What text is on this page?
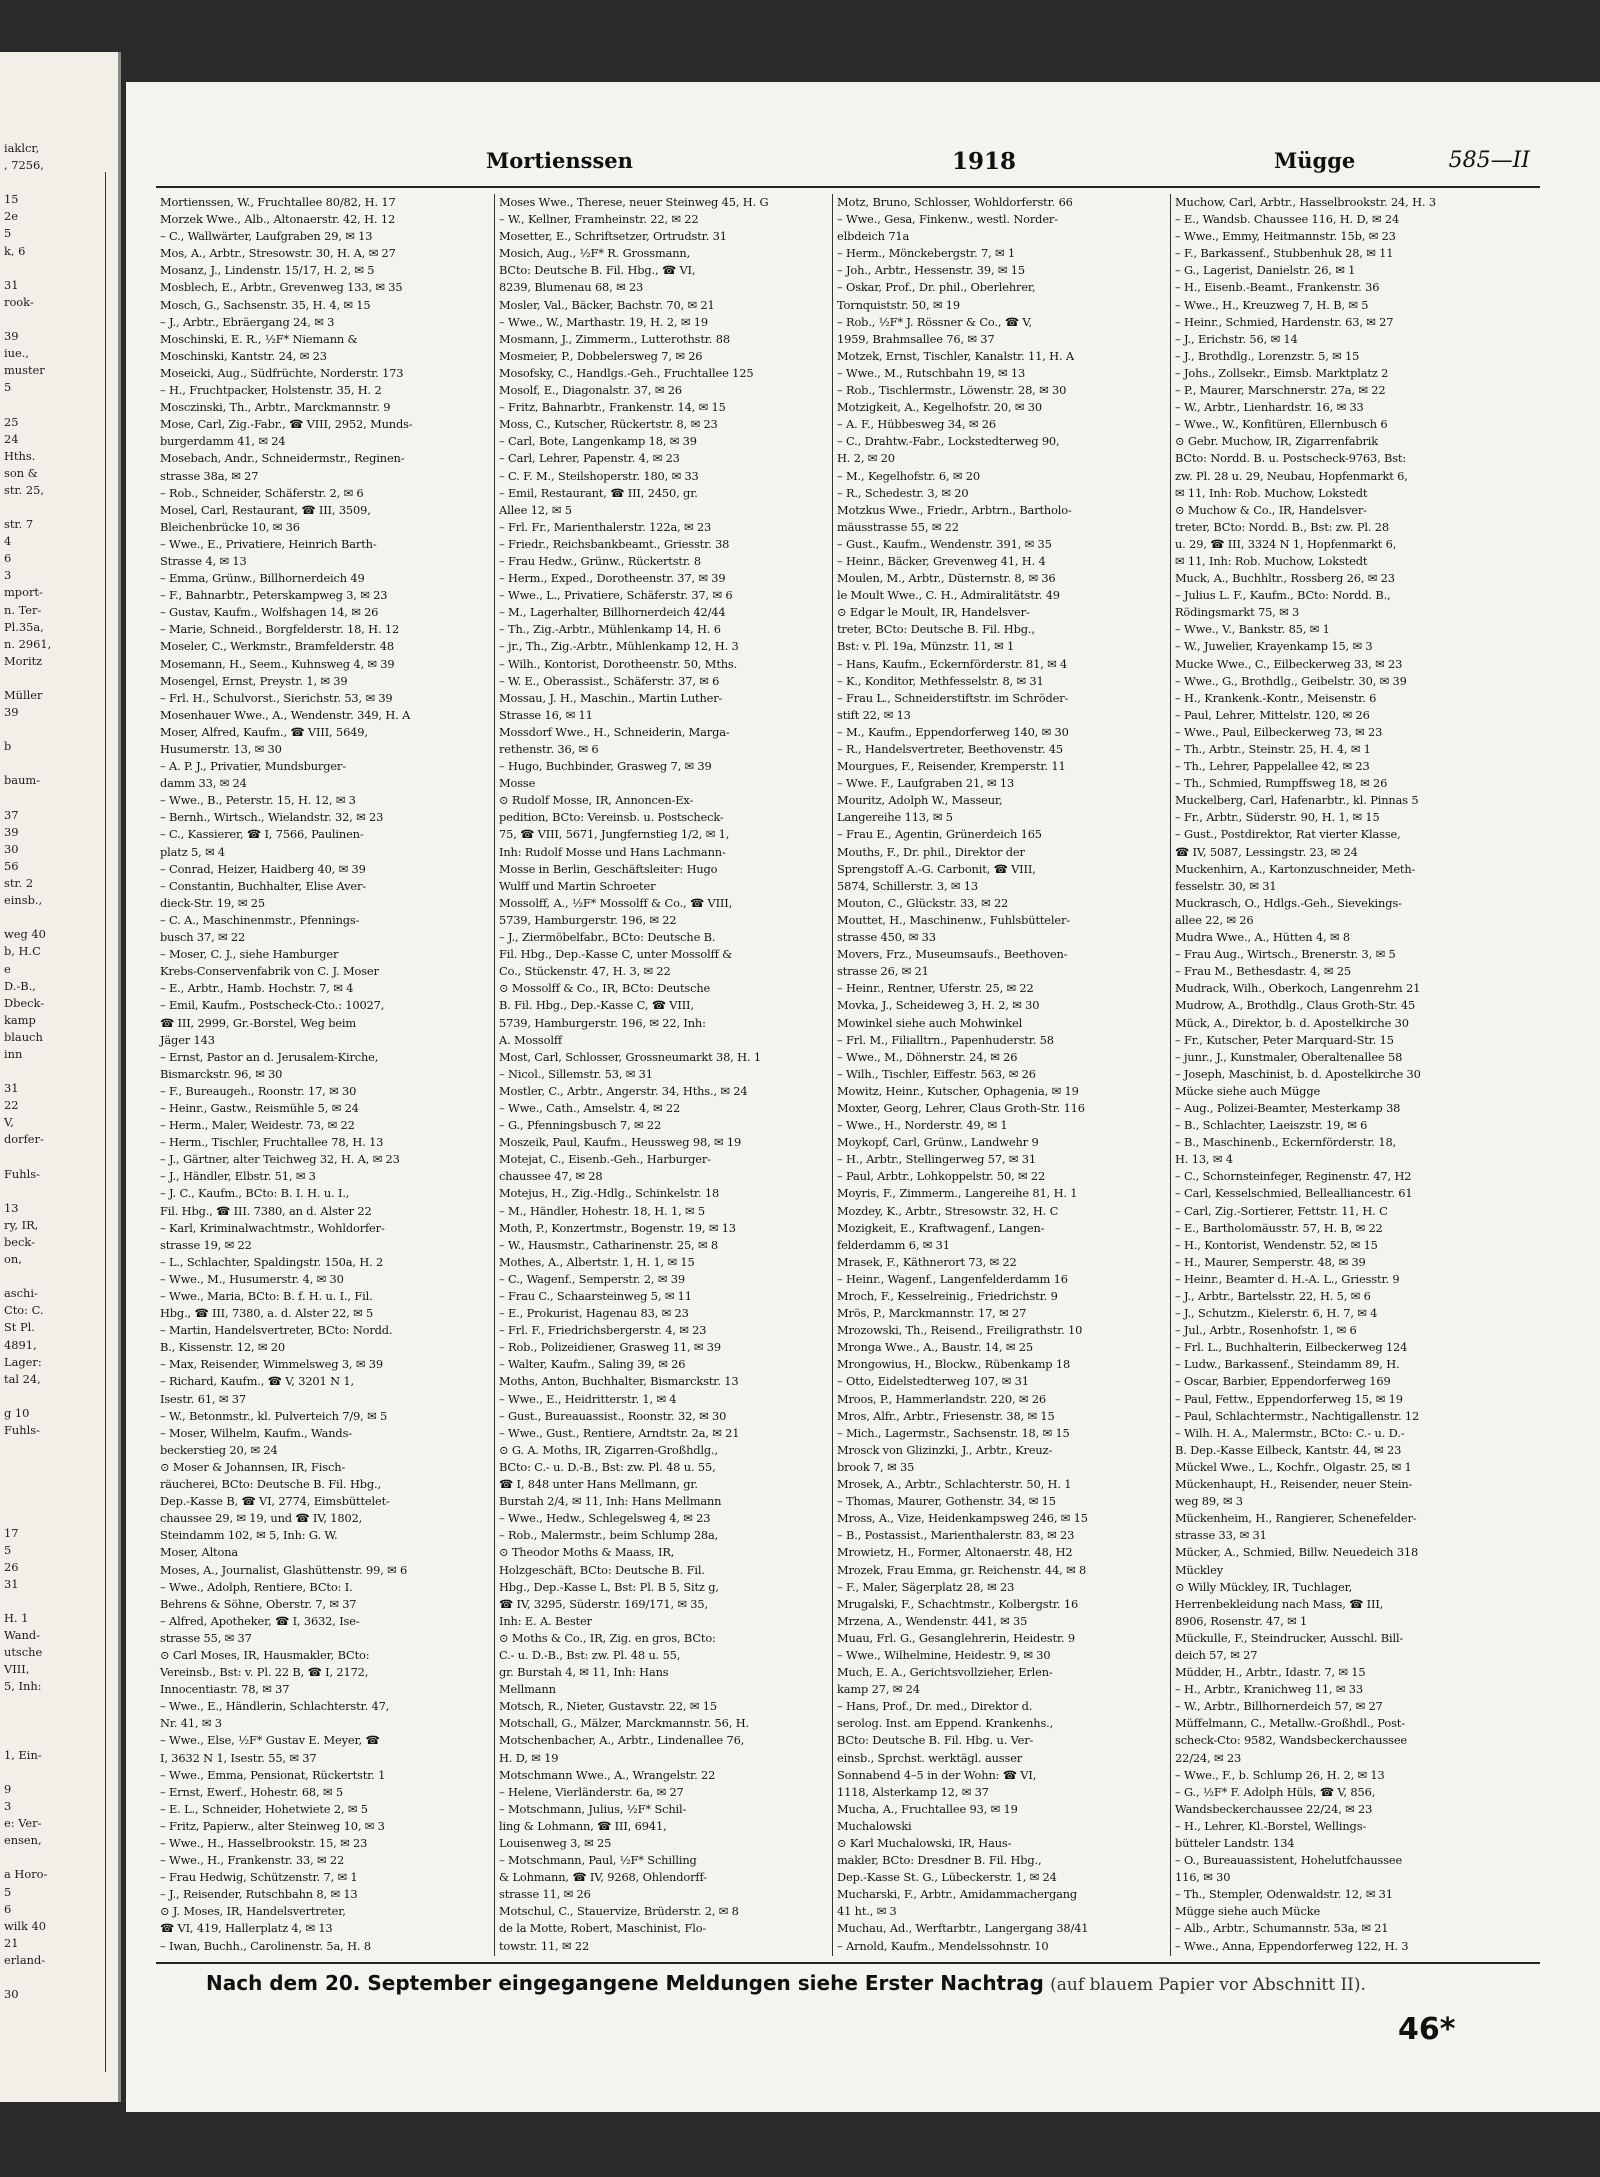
iaklcr,
, 7256,
15
2e
5
k, 6
31
rook-
39
iue.,
muster
5
25
24
Hths.
son &
str. 25,
str. 7
4
6
3
mport-
n. Ter-
Pl.35a,
n. 2961,
Moritz
Müller
39
b
baum-
37
39
30
56
str. 2
einsb.,
weg 40
b, H.C
e
D.-B.,
Dbeck-
kamp
blauch
inn
31
22
V,
dorfer-
Fuhls-
13
ry, IR,
beck-
on,
aschi-
Cto: C.
St Pl.
4891,
Lager:
tal 24,
g 10
Fuhls-
17
5
26
31
H. 1
Wand-
utsche
VIII,
5, Inh:
1, Ein-
9
3
e: Ver-
ensen,
a Horo-
5
6
wilk 40
21
erland-
30
Mortienssen	1918	Mügge	585—II
Mortienssen, W., Fruchtallee 80/82, H. 17
Morzek Wwe., Alb., Altonaerstr. 42, H. 12
– C., Wallwärter, Laufgraben 29, ✉ 13
Mos, A., Arbtr., Stresowstr. 30, H. A, ✉ 27
Mosanz, J., Lindenstr. 15/17, H. 2, ✉ 5
Mosblech, E., Arbtr., Grevenweg 133, ✉ 35
Mosch, G., Sachsenstr. 35, H. 4, ✉ 15
– J., Arbtr., Ebräergang 24, ✉ 3
Moschinski, E. R., ½F* Niemann &
Moschinski, Kantstr. 24, ✉ 23
Moseicki, Aug., Südfrüchte, Norderstr. 173
– H., Fruchtpacker, Holstenstr. 35, H. 2
Mosczinski, Th., Arbtr., Marckmannstr. 9
Mose, Carl, Zig.-Fabr., ☎ VIII, 2952, Munds-
burgerdamm 41, ✉ 24
Mosebach, Andr., Schneidermstr., Reginen-
strasse 38a, ✉ 27
– Rob., Schneider, Schäferstr. 2, ✉ 6
Mosel, Carl, Restaurant, ☎ III, 3509,
Bleichenbrücke 10, ✉ 36
– Wwe., E., Privatiere, Heinrich Barth-
Strasse 4, ✉ 13
– Emma, Grünw., Billhornerdeich 49
– F., Bahnarbtr., Peterskampweg 3, ✉ 23
– Gustav, Kaufm., Wolfshagen 14, ✉ 26
– Marie, Schneid., Borgfelderstr. 18, H. 12
Moseler, C., Werkmstr., Bramfelderstr. 48
Mosemann, H., Seem., Kuhnsweg 4, ✉ 39
Mosengel, Ernst, Preystr. 1, ✉ 39
– Frl. H., Schulvorst., Sierichstr. 53, ✉ 39
Mosenhauer Wwe., A., Wendenstr. 349, H. A
Moser, Alfred, Kaufm., ☎ VIII, 5649,
Husumerstr. 13, ✉ 30
– A. P. J., Privatier, Mundsburger-
damm 33, ✉ 24
– Wwe., B., Peterstr. 15, H. 12, ✉ 3
– Bernh., Wirtsch., Wielandstr. 32, ✉ 23
– C., Kassierer, ☎ I, 7566, Paulinen-
platz 5, ✉ 4
– Conrad, Heizer, Haidberg 40, ✉ 39
– Constantin, Buchhalter, Elise Aver-
dieck-Str. 19, ✉ 25
– C. A., Maschinenmstr., Pfennings-
busch 37, ✉ 22
– Moser, C. J., siehe Hamburger
Krebs-Conservenfabrik von C. J. Moser
– E., Arbtr., Hamb. Hochstr. 7, ✉ 4
– Emil, Kaufm., Postscheck-Cto.: 10027,
☎ III, 2999, Gr.-Borstel, Weg beim
Jäger 143
– Ernst, Pastor an d. Jerusalem-Kirche,
Bismarckstr. 96, ✉ 30
– F., Bureaugeh., Roonstr. 17, ✉ 30
– Heinr., Gastw., Reismühle 5, ✉ 24
– Herm., Maler, Weidestr. 73, ✉ 22
– Herm., Tischler, Fruchtallee 78, H. 13
– J., Gärtner, alter Teichweg 32, H. A, ✉ 23
– J., Händler, Elbstr. 51, ✉ 3
– J. C., Kaufm., BCto: B. I. H. u. I.,
Fil. Hbg., ☎ III. 7380, an d. Alster 22
– Karl, Kriminalwachtmstr., Wohldorfer-
strasse 19, ✉ 22
– L., Schlachter, Spaldingstr. 150a, H. 2
– Wwe., M., Husumerstr. 4, ✉ 30
– Wwe., Maria, BCto: B. f. H. u. I., Fil.
Hbg., ☎ III, 7380, a. d. Alster 22, ✉ 5
– Martin, Handelsvertreter, BCto: Nordd.
B., Kissenstr. 12, ✉ 20
– Max, Reisender, Wimmelsweg 3, ✉ 39
– Richard, Kaufm., ☎ V, 3201 N 1,
Isestr. 61, ✉ 37
– W., Betonmstr., kl. Pulverteich 7/9, ✉ 5
– Moser, Wilhelm, Kaufm., Wands-
beckerstieg 20, ✉ 24
⊙ Moser & Johannsen, IR, Fisch-
räucherei, BCto: Deutsche B. Fil. Hbg.,
Dep.-Kasse B, ☎ VI, 2774, Eimsbüttelet-
chaussee 29, ✉ 19, und ☎ IV, 1802,
Steindamm 102, ✉ 5, Inh: G. W.
Moser, Altona
Moses, A., Journalist, Glashüttenstr. 99, ✉ 6
– Wwe., Adolph, Rentiere, BCto: I.
Behrens & Söhne, Oberstr. 7, ✉ 37
– Alfred, Apotheker, ☎ I, 3632, Ise-
strasse 55, ✉ 37
⊙ Carl Moses, IR, Hausmakler, BCto:
Vereinsb., Bst: v. Pl. 22 B, ☎ I, 2172,
Innocentiastr. 78, ✉ 37
– Wwe., E., Händlerin, Schlachterstr. 47,
Nr. 41, ✉ 3
– Wwe., Else, ½F* Gustav E. Meyer, ☎
I, 3632 N 1, Isestr. 55, ✉ 37
– Wwe., Emma, Pensionat, Rückertstr. 1
– Ernst, Ewerf., Hohestr. 68, ✉ 5
– E. L., Schneider, Hohetwiete 2, ✉ 5
– Fritz, Papierw., alter Steinweg 10, ✉ 3
– Wwe., H., Hasselbrookstr. 15, ✉ 23
– Wwe., H., Frankenstr. 33, ✉ 22
– Frau Hedwig, Schützenstr. 7, ✉ 1
– J., Reisender, Rutschbahn 8, ✉ 13
⊙ J. Moses, IR, Handelsvertreter,
☎ VI, 419, Hallerplatz 4, ✉ 13
– Iwan, Buchh., Carolinenstr. 5a, H. 8
Moses Wwe., Therese, neuer Steinweg 45, H. G
– W., Kellner, Framheinstr. 22, ✉ 22
Mosetter, E., Schriftsetzer, Ortrudstr. 31
Mosich, Aug., ½F* R. Grossmann,
BCto: Deutsche B. Fil. Hbg., ☎ VI,
8239, Blumenau 68, ✉ 23
Mosler, Val., Bäcker, Bachstr. 70, ✉ 21
– Wwe., W., Marthastr. 19, H. 2, ✉ 19
Mosmann, J., Zimmerm., Lutterothstr. 88
Mosmeier, P., Dobbelersweg 7, ✉ 26
Mosofsky, C., Handlgs.-Geh., Fruchtallee 125
Mosolf, E., Diagonalstr. 37, ✉ 26
– Fritz, Bahnarbtr., Frankenstr. 14, ✉ 15
Moss, C., Kutscher, Rückertstr. 8, ✉ 23
– Carl, Bote, Langenkamp 18, ✉ 39
– Carl, Lehrer, Papenstr. 4, ✉ 23
– C. F. M., Steilshoperstr. 180, ✉ 33
– Emil, Restaurant, ☎ III, 2450, gr.
Allee 12, ✉ 5
– Frl. Fr., Marienthalerstr. 122a, ✉ 23
– Friedr., Reichsbankbeamt., Griesstr. 38
– Frau Hedw., Grünw., Rückertstr. 8
– Herm., Exped., Dorotheenstr. 37, ✉ 39
– Wwe., L., Privatiere, Schäferstr. 37, ✉ 6
– M., Lagerhalter, Billhornerdeich 42/44
– Th., Zig.-Arbtr., Mühlenkamp 14, H. 6
– jr., Th., Zig.-Arbtr., Mühlenkamp 12, H. 3
– Wilh., Kontorist, Dorotheenstr. 50, Mths.
– W. E., Oberassist., Schäferstr. 37, ✉ 6
Mossau, J. H., Maschin., Martin Luther-
Strasse 16, ✉ 11
Mossdorf Wwe., H., Schneiderin, Marga-
rethenstr. 36, ✉ 6
– Hugo, Buchbinder, Grasweg 7, ✉ 39
Mosse
⊙ Rudolf Mosse, IR, Annoncen-Ex-
pedition, BCto: Vereinsb. u. Postscheck-
75, ☎ VIII, 5671, Jungfernstieg 1/2, ✉ 1,
Inh: Rudolf Mosse und Hans Lachmann-
Mosse in Berlin, Geschäftsleiter: Hugo
Wulff und Martin Schroeter
Mossolff, A., ½F* Mossolff & Co., ☎ VIII,
5739, Hamburgerstr. 196, ✉ 22
– J., Ziermöbelfabr., BCto: Deutsche B.
Fil. Hbg., Dep.-Kasse C, unter Mossolff &
Co., Stückenstr. 47, H. 3, ✉ 22
⊙ Mossolff & Co., IR, BCto: Deutsche
B. Fil. Hbg., Dep.-Kasse C, ☎ VIII,
5739, Hamburgerstr. 196, ✉ 22, Inh:
A. Mossolff
Most, Carl, Schlosser, Grossneumarkt 38, H. 1
– Nicol., Sillemstr. 53, ✉ 31
Mostler, C., Arbtr., Angerstr. 34, Hths., ✉ 24
– Wwe., Cath., Amselstr. 4, ✉ 22
– G., Pfenningsbusch 7, ✉ 22
Moszeik, Paul, Kaufm., Heussweg 98, ✉ 19
Motejat, C., Eisenb.-Geh., Harburger-
chaussee 47, ✉ 28
Motejus, H., Zig.-Hdlg., Schinkelstr. 18
– M., Händler, Hohestr. 18, H. 1, ✉ 5
Moth, P., Konzertmstr., Bogenstr. 19, ✉ 13
– W., Hausmstr., Catharinenstr. 25, ✉ 8
Mothes, A., Albertstr. 1, H. 1, ✉ 15
– C., Wagenf., Semperstr. 2, ✉ 39
– Frau C., Schaarsteinweg 5, ✉ 11
– E., Prokurist, Hagenau 83, ✉ 23
– Frl. F., Friedrichsbergerstr. 4, ✉ 23
– Rob., Polizeidiener, Grasweg 11, ✉ 39
– Walter, Kaufm., Saling 39, ✉ 26
Moths, Anton, Buchhalter, Bismarckstr. 13
– Wwe., E., Heidritterstr. 1, ✉ 4
– Gust., Bureauassist., Roonstr. 32, ✉ 30
– Wwe., Gust., Rentiere, Arndtstr. 2a, ✉ 21
⊙ G. A. Moths, IR, Zigarren-Großhdlg.,
BCto: C.- u. D.-B., Bst: zw. Pl. 48 u. 55,
☎ I, 848 unter Hans Mellmann, gr.
Burstah 2/4, ✉ 11, Inh: Hans Mellmann
– Wwe., Hedw., Schlegelsweg 4, ✉ 23
– Rob., Malermstr., beim Schlump 28a,
⊙ Theodor Moths & Maass, IR,
Holzgeschäft, BCto: Deutsche B. Fil.
Hbg., Dep.-Kasse L, Bst: Pl. B 5, Sitz g,
☎ IV, 3295, Süderstr. 169/171, ✉ 35,
Inh: E. A. Bester
⊙ Moths & Co., IR, Zig. en gros, BCto:
C.- u. D.-B., Bst: zw. Pl. 48 u. 55,
gr. Burstah 4, ✉ 11, Inh: Hans
Mellmann
Motsch, R., Nieter, Gustavstr. 22, ✉ 15
Motschall, G., Mälzer, Marckmannstr. 56, H.
Motschenbacher, A., Arbtr., Lindenallee 76,
H. D, ✉ 19
Motschmann Wwe., A., Wrangelstr. 22
– Helene, Vierländerstr. 6a, ✉ 27
– Motschmann, Julius, ½F* Schil-
ling & Lohmann, ☎ III, 6941,
Louisenweg 3, ✉ 25
– Motschmann, Paul, ½F* Schilling
& Lohmann, ☎ IV, 9268, Ohlendorff-
strasse 11, ✉ 26
Motschul, C., Stauervize, Brüderstr. 2, ✉ 8
de la Motte, Robert, Maschinist, Flo-
towstr. 11, ✉ 22
Motz, Bruno, Schlosser, Wohldorferstr. 66
– Wwe., Gesa, Finkenw., westl. Norder-
elbdeich 71a
– Herm., Mönckebergstr. 7, ✉ 1
– Joh., Arbtr., Hessenstr. 39, ✉ 15
– Oskar, Prof., Dr. phil., Oberlehrer,
Tornquiststr. 50, ✉ 19
– Rob., ½F* J. Rössner & Co., ☎ V,
1959, Brahmsallee 76, ✉ 37
Motzek, Ernst, Tischler, Kanalstr. 11, H. A
– Wwe., M., Rutschbahn 19, ✉ 13
– Rob., Tischlermstr., Löwenstr. 28, ✉ 30
Motzigkeit, A., Kegelhofstr. 20, ✉ 30
– A. F., Hübbesweg 34, ✉ 26
– C., Drahtw.-Fabr., Lockstedterweg 90,
H. 2, ✉ 20
– M., Kegelhofstr. 6, ✉ 20
– R., Schedestr. 3, ✉ 20
Motzkus Wwe., Friedr., Arbtrn., Bartholo-
mäusstrasse 55, ✉ 22
– Gust., Kaufm., Wendenstr. 391, ✉ 35
– Heinr., Bäcker, Grevenweg 41, H. 4
Moulen, M., Arbtr., Düsternstr. 8, ✉ 36
le Moult Wwe., C. H., Admiralitätstr. 49
⊙ Edgar le Moult, IR, Handelsver-
treter, BCto: Deutsche B. Fil. Hbg.,
Bst: v. Pl. 19a, Münzstr. 11, ✉ 1
– Hans, Kaufm., Eckernförderstr. 81, ✉ 4
– K., Konditor, Methfesselstr. 8, ✉ 31
– Frau L., Schneiderstiftstr. im Schröder-
stift 22, ✉ 13
– M., Kaufm., Eppendorferweg 140, ✉ 30
– R., Handelsvertreter, Beethovenstr. 45
Mourgues, F., Reisender, Kremperstr. 11
– Wwe. F., Laufgraben 21, ✉ 13
Mouritz, Adolph W., Masseur,
Langereihe 113, ✉ 5
– Frau E., Agentin, Grünerdeich 165
Mouths, F., Dr. phil., Direktor der
Sprengstoff A.-G. Carbonit, ☎ VIII,
5874, Schillerstr. 3, ✉ 13
Mouton, C., Glückstr. 33, ✉ 22
Mouttet, H., Maschinenw., Fuhlsbütteler-
strasse 450, ✉ 33
Movers, Frz., Museumsaufs., Beethoven-
strasse 26, ✉ 21
– Heinr., Rentner, Uferstr. 25, ✉ 22
Movka, J., Scheideweg 3, H. 2, ✉ 30
Mowinkel siehe auch Mohwinkel
– Frl. M., Filialltrn., Papenhuderstr. 58
– Wwe., M., Döhnerstr. 24, ✉ 26
– Wilh., Tischler, Eiffestr. 563, ✉ 26
Mowitz, Heinr., Kutscher, Ophagenia, ✉ 19
Moxter, Georg, Lehrer, Claus Groth-Str. 116
– Wwe., H., Norderstr. 49, ✉ 1
Moykopf, Carl, Grünw., Landwehr 9
– H., Arbtr., Stellingerweg 57, ✉ 31
– Paul, Arbtr., Lohkoppelstr. 50, ✉ 22
Moyris, F., Zimmerm., Langereihe 81, H. 1
Mozdey, K., Arbtr., Stresowstr. 32, H. C
Mozigkeit, E., Kraftwagenf., Langen-
felderdamm 6, ✉ 31
Mrasek, F., Käthnerort 73, ✉ 22
– Heinr., Wagenf., Langenfelderdamm 16
Mroch, F., Kesselreinig., Friedrichstr. 9
Mrös, P., Marckmannstr. 17, ✉ 27
Mrozowski, Th., Reisend., Freiligrathstr. 10
Mronga Wwe., A., Baustr. 14, ✉ 25
Mrongowius, H., Blockw., Rübenkamp 18
– Otto, Eidelstedterweg 107, ✉ 31
Mroos, P., Hammerlandstr. 220, ✉ 26
Mros, Alfr., Arbtr., Friesenstr. 38, ✉ 15
– Mich., Lagermstr., Sachsenstr. 18, ✉ 15
Mrosck von Glizinzki, J., Arbtr., Kreuz-
brook 7, ✉ 35
Mrosek, A., Arbtr., Schlachterstr. 50, H. 1
– Thomas, Maurer, Gothenstr. 34, ✉ 15
Mross, A., Vize, Heidenkampsweg 246, ✉ 15
– B., Postassist., Marienthalerstr. 83, ✉ 23
Mrowietz, H., Former, Altonaerstr. 48, H2
Mrozek, Frau Emma, gr. Reichenstr. 44, ✉ 8
– F., Maler, Sägerplatz 28, ✉ 23
Mrugalski, F., Schachtmstr., Kolbergstr. 16
Mrzena, A., Wendenstr. 441, ✉ 35
Muau, Frl. G., Gesanglehrerin, Heidestr. 9
– Wwe., Wilhelmine, Heidestr. 9, ✉ 30
Much, E. A., Gerichtsvollzieher, Erlen-
kamp 27, ✉ 24
– Hans, Prof., Dr. med., Direktor d.
serolog. Inst. am Eppend. Krankenhs.,
BCto: Deutsche B. Fil. Hbg. u. Ver-
einsb., Sprchst. werktägl. ausser
Sonnabend 4–5 in der Wohn: ☎ VI,
1118, Alsterkamp 12, ✉ 37
Mucha, A., Fruchtallee 93, ✉ 19
Muchalowski
⊙ Karl Muchalowski, IR, Haus-
makler, BCto: Dresdner B. Fil. Hbg.,
Dep.-Kasse St. G., Lübeckerstr. 1, ✉ 24
Mucharski, F., Arbtr., Amidammachergang
41 ht., ✉ 3
Muchau, Ad., Werftarbtr., Langergang 38/41
– Arnold, Kaufm., Mendelssohnstr. 10
Muchow, Carl, Arbtr., Hasselbrookstr. 24, H. 3
– E., Wandsb. Chaussee 116, H. D, ✉ 24
– Wwe., Emmy, Heitmannstr. 15b, ✉ 23
– F., Barkassenf., Stubbenhuk 28, ✉ 11
– G., Lagerist, Danielstr. 26, ✉ 1
– H., Eisenb.-Beamt., Frankenstr. 36
– Wwe., H., Kreuzweg 7, H. B, ✉ 5
– Heinr., Schmied, Hardenstr. 63, ✉ 27
– J., Erichstr. 56, ✉ 14
– J., Brothdlg., Lorenzstr. 5, ✉ 15
– Johs., Zollsekr., Eimsb. Marktplatz 2
– P., Maurer, Marschnerstr. 27a, ✉ 22
– W., Arbtr., Lienhardstr. 16, ✉ 33
– Wwe., W., Konfitüren, Ellernbusch 6
⊙ Gebr. Muchow, IR, Zigarrenfabrik
BCto: Nordd. B. u. Postscheck-9763, Bst:
zw. Pl. 28 u. 29, Neubau, Hopfenmarkt 6,
✉ 11, Inh: Rob. Muchow, Lokstedt
⊙ Muchow & Co., IR, Handelsver-
treter, BCto: Nordd. B., Bst: zw. Pl. 28
u. 29, ☎ III, 3324 N 1, Hopfenmarkt 6,
✉ 11, Inh: Rob. Muchow, Lokstedt
Muck, A., Buchhltr., Rossberg 26, ✉ 23
– Julius L. F., Kaufm., BCto: Nordd. B.,
Rödingsmarkt 75, ✉ 3
– Wwe., V., Bankstr. 85, ✉ 1
– W., Juwelier, Krayenkamp 15, ✉ 3
Mucke Wwe., C., Eilbeckerweg 33, ✉ 23
– Wwe., G., Brothdlg., Geibelstr. 30, ✉ 39
– H., Krankenk.-Kontr., Meisenstr. 6
– Paul, Lehrer, Mittelstr. 120, ✉ 26
– Wwe., Paul, Eilbeckerweg 73, ✉ 23
– Th., Arbtr., Steinstr. 25, H. 4, ✉ 1
– Th., Lehrer, Pappelallee 42, ✉ 23
– Th., Schmied, Rumpffsweg 18, ✉ 26
Muckelberg, Carl, Hafenarbtr., kl. Pinnas 5
– Fr., Arbtr., Süderstr. 90, H. 1, ✉ 15
– Gust., Postdirektor, Rat vierter Klasse,
☎ IV, 5087, Lessingstr. 23, ✉ 24
Muckenhirn, A., Kartonzuschneider, Meth-
fesselstr. 30, ✉ 31
Muckrasch, O., Hdlgs.-Geh., Sievekings-
allee 22, ✉ 26
Mudra Wwe., A., Hütten 4, ✉ 8
– Frau Aug., Wirtsch., Brenerstr. 3, ✉ 5
– Frau M., Bethesdastr. 4, ✉ 25
Mudrack, Wilh., Oberkoch, Langenrehm 21
Mudrow, A., Brothdlg., Claus Groth-Str. 45
Mück, A., Direktor, b. d. Apostelkirche 30
– Fr., Kutscher, Peter Marquard-Str. 15
– junr., J., Kunstmaler, Oberaltenallee 58
– Joseph, Maschinist, b. d. Apostelkirche 30
Mücke siehe auch Mügge
– Aug., Polizei-Beamter, Mesterkamp 38
– B., Schlachter, Laeiszstr. 19, ✉ 6
– B., Maschinenb., Eckernförderstr. 18,
H. 13, ✉ 4
– C., Schornsteinfeger, Reginenstr. 47, H2
– Carl, Kesselschmied, Bellealliancestr. 61
– Carl, Zig.-Sortierer, Fettstr. 11, H. C
– E., Bartholomäusstr. 57, H. B, ✉ 22
– H., Kontorist, Wendenstr. 52, ✉ 15
– H., Maurer, Semperstr. 48, ✉ 39
– Heinr., Beamter d. H.-A. L., Griesstr. 9
– J., Arbtr., Bartelsstr. 22, H. 5, ✉ 6
– J., Schutzm., Kielerstr. 6, H. 7, ✉ 4
– Jul., Arbtr., Rosenhofstr. 1, ✉ 6
– Frl. L., Buchhalterin, Eilbeckerweg 124
– Ludw., Barkassenf., Steindamm 89, H.
– Oscar, Barbier, Eppendorferweg 169
– Paul, Fettw., Eppendorferweg 15, ✉ 19
– Paul, Schlachtermstr., Nachtigallenstr. 12
– Wilh. H. A., Malermstr., BCto: C.- u. D.-
B. Dep.-Kasse Eilbeck, Kantstr. 44, ✉ 23
Mückel Wwe., L., Kochfr., Olgastr. 25, ✉ 1
Mückenhaupt, H., Reisender, neuer Stein-
weg 89, ✉ 3
Mückenheim, H., Rangierer, Schenefelder-
strasse 33, ✉ 31
Mücker, A., Schmied, Billw. Neuedeich 318
Mückley
⊙ Willy Mückley, IR, Tuchlager,
Herrenbekleidung nach Mass, ☎ III,
8906, Rosenstr. 47, ✉ 1
Mückulle, F., Steindrucker, Ausschl. Bill-
deich 57, ✉ 27
Müdder, H., Arbtr., Idastr. 7, ✉ 15
– H., Arbtr., Kranichweg 11, ✉ 33
– W., Arbtr., Billhornerdeich 57, ✉ 27
Müffelmann, C., Metallw.-Großhdl., Post-
scheck-Cto: 9582, Wandsbeckerchaussee
22/24, ✉ 23
– Wwe., F., b. Schlump 26, H. 2, ✉ 13
– G., ½F* F. Adolph Hüls, ☎ V, 856,
Wandsbeckerchaussee 22/24, ✉ 23
– H., Lehrer, Kl.-Borstel, Wellings-
bütteler Landstr. 134
– O., Bureauassistent, Hohelutfchaussee
116, ✉ 30
– Th., Stempler, Odenwaldstr. 12, ✉ 31
Mügge siehe auch Mücke
– Alb., Arbtr., Schumannstr. 53a, ✉ 21
– Wwe., Anna, Eppendorferweg 122, H. 3
Nach dem 20. September eingegangene Meldungen siehe Erster Nachtrag (auf blauem Papier vor Abschnitt II).
46*
